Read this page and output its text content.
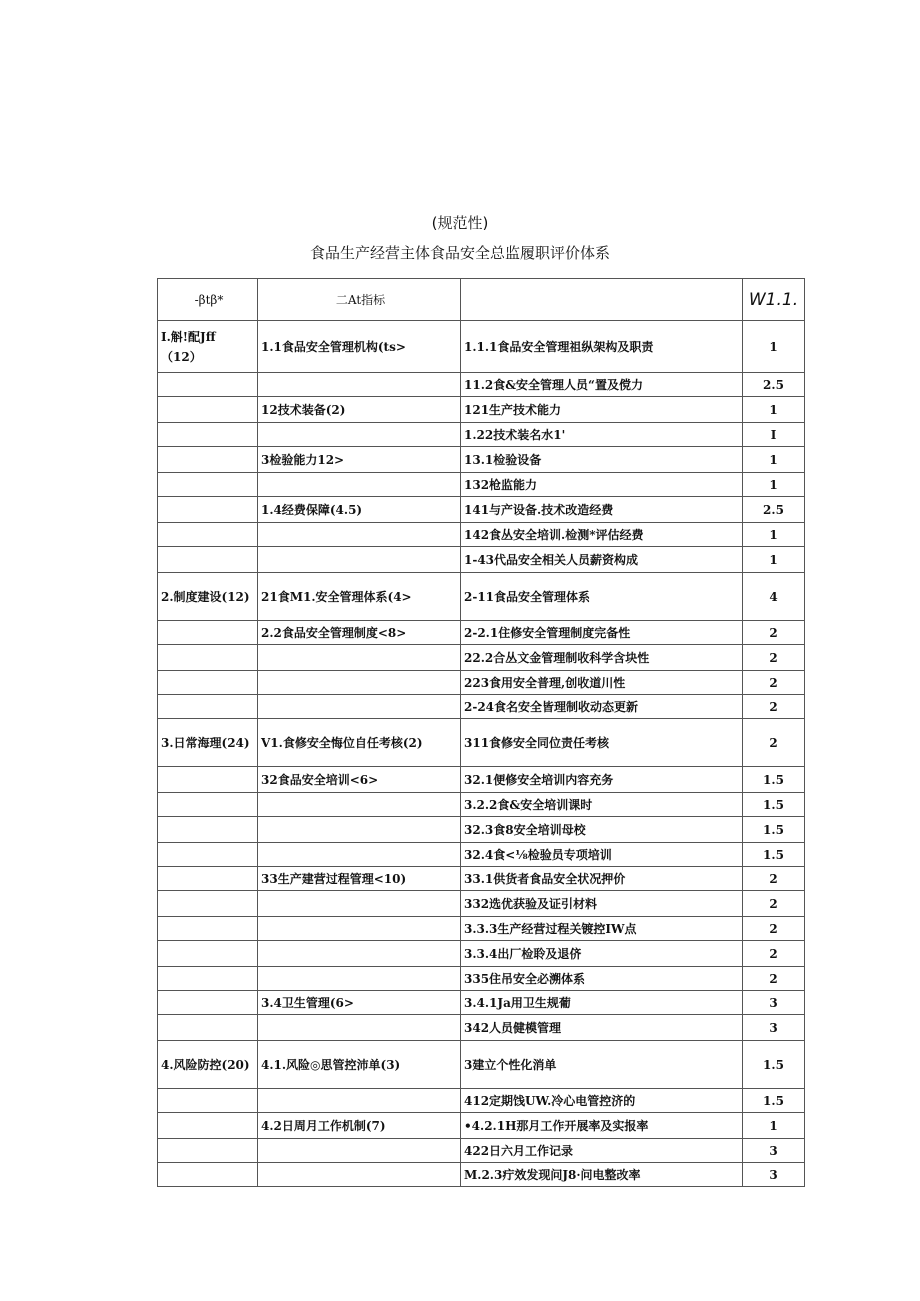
(规范性)
食品生产经营主体食品安全总监履职评价体系
-βtβ*	二At指标		W1.1.
I.斛!配Jff
（12）	1.1食品安全管理机构(ts>	1.1.1食品安全管理祖纵架构及职责	1
		11.2食&安全管理人员“置及傥力	2.5
	12技术装备(2)	121生产技术能力	1
		1.22技术装名水1'	I
	3检验能力12>	13.1检验设备	1
		132枪监能力	1
	1.4经费保障(4.5)	141与产设备.技术改造经费	2.5
		142食丛安全培训.检测*评估经费	1
		1-43代品安全相关人员薪资构成	1
2.制度建设(12)	21食M1.安全管理体系(4>	2-11食品安全管理体系	4
	2.2食品安全管理制度<8>	2-2.1住修安全管理制度完备性	2
		22.2合丛文金管理制收科学含块性	2
		223食用安全普理,创收道川性	2
		2-24食名安全皆理制收动态更新	2
3.日常海理(24)	V1.食修安全悔位自任考核(2)	311食修安全同位责任考核	2
	32食品安全培训<6>	32.1便修安全培训内容充务	1.5
		3.2.2食&安全培训课时	1.5
		32.3食8安全培训母校	1.5
		32.4食<⅛检验员专项培训	1.5
	33生产建营过程管理<10)	33.1供货者食品安全状况押价	2
		332选优获验及证引材料	2
		3.3.3生产经营过程关镀控IW点	2
		3.3.4出厂检聆及退侪	2
		335住吊安全必溯体系	2
	3.4卫生管理(6>	3.4.1Ja用卫生规葡	3
		342人员健模管理	3
4.风险防控(20)	4.1.风险◎思管控沛单(3)	3建立个性化消单	1.5
		412定期饯UW.冷心电管控济的	1.5
	4.2日周月工作机制(7)	•4.2.1H那月工作开展率及实报率	1
		422日六月工作记录	3
		M.2.3疔效发现问J8·问电整改率	3
